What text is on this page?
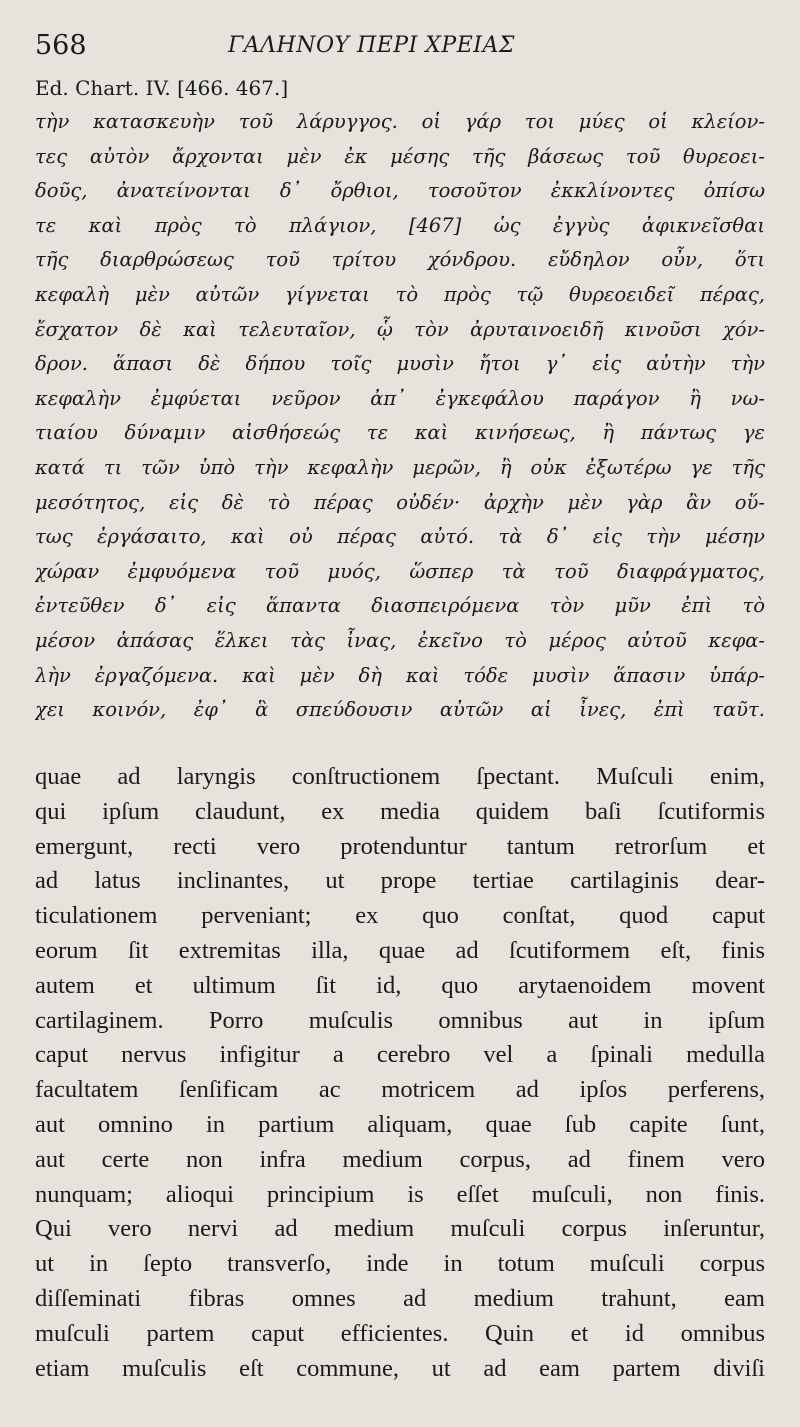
568	ΓΑΛΗΝΟΥ ΠΕΡΙ ΧΡΕΙΑΣ
Ed. Chart. IV. [466. 467.]
τὴν κατασκευὴν τοῦ λάρυγγος. οἱ γάρ τοι μύες οἱ κλείον-
τες αὐτὸν ἄρχονται μὲν ἐκ μέσης τῆς βάσεως τοῦ θυρεοει-
δοῦς, ἀνατείνονται δ᾽ ὄρθιοι, τοσοῦτον ἐκκλίνοντες ὀπίσω
τε καὶ πρὸς τὸ πλάγιον, [467] ὡς ἐγγὺς ἀφικνεῖσθαι
τῆς διαρθρώσεως τοῦ τρίτου χόνδρου. εὔδηλον οὖν, ὅτι
κεφαλὴ μὲν αὐτῶν γίγνεται τὸ πρὸς τῷ θυρεοειδεῖ πέρας,
ἔσχατον δὲ καὶ τελευταῖον, ᾧ τὸν ἀρυταινοειδῆ κινοῦσι χόν-
δρον. ἅπασι δὲ δήπου τοῖς μυσὶν ἤτοι γ᾽ εἰς αὐτὴν τὴν
κεφαλὴν ἐμφύεται νεῦρον ἀπ᾽ ἐγκεφάλου παράγον ἢ νω-
τιαίου δύναμιν αἰσθήσεώς τε καὶ κινήσεως, ἢ πάντως γε
κατά τι τῶν ὑπὸ τὴν κεφαλὴν μερῶν, ἢ οὐκ ἐξωτέρω γε τῆς
μεσότητος, εἰς δὲ τὸ πέρας οὐδέν· ἀρχὴν μὲν γὰρ ἂν οὕ-
τως ἐργάσαιτο, καὶ οὐ πέρας αὐτό. τὰ δ᾽ εἰς τὴν μέσην
χώραν ἐμφυόμενα τοῦ μυός, ὥσπερ τὰ τοῦ διαφράγματος,
ἐντεῦθεν δ᾽ εἰς ἅπαντα διασπειρόμενα τὸν μῦν ἐπὶ τὸ
μέσον ἁπάσας ἕλκει τὰς ἶνας, ἐκεῖνο τὸ μέρος αὐτοῦ κεφα-
λὴν ἐργαζόμενα. καὶ μὲν δὴ καὶ τόδε μυσὶν ἅπασιν ὑπάρ-
χει κοινόν, ἐφ᾽ ἃ σπεύδουσιν αὐτῶν αἱ ἶνες, ἐπὶ ταῦτ.
quae ad laryngis conſtructionem ſpectant. Muſculi enim,
qui ipſum claudunt, ex media quidem baſi ſcutiformis
emergunt, recti vero protenduntur tantum retrorſum et
ad latus inclinantes, ut prope tertiae cartilaginis dear-
ticulationem perveniant; ex quo conſtat, quod caput
eorum ſit extremitas illa, quae ad ſcutiformem eſt, finis
autem et ultimum ſit id, quo arytaenoidem movent
cartilaginem. Porro muſculis omnibus aut in ipſum
caput nervus infigitur a cerebro vel a ſpinali medulla
facultatem ſenſificam ac motricem ad ipſos perferens,
aut omnino in partium aliquam, quae ſub capite ſunt,
aut certe non infra medium corpus, ad finem vero
nunquam; alioqui principium is eſſet muſculi, non finis.
Qui vero nervi ad medium muſculi corpus inſeruntur,
ut in ſepto transverſo, inde in totum muſculi corpus
diſſeminati fibras omnes ad medium trahunt, eam
muſculi partem caput efficientes. Quin et id omnibus
etiam muſculis eſt commune, ut ad eam partem diviſi
